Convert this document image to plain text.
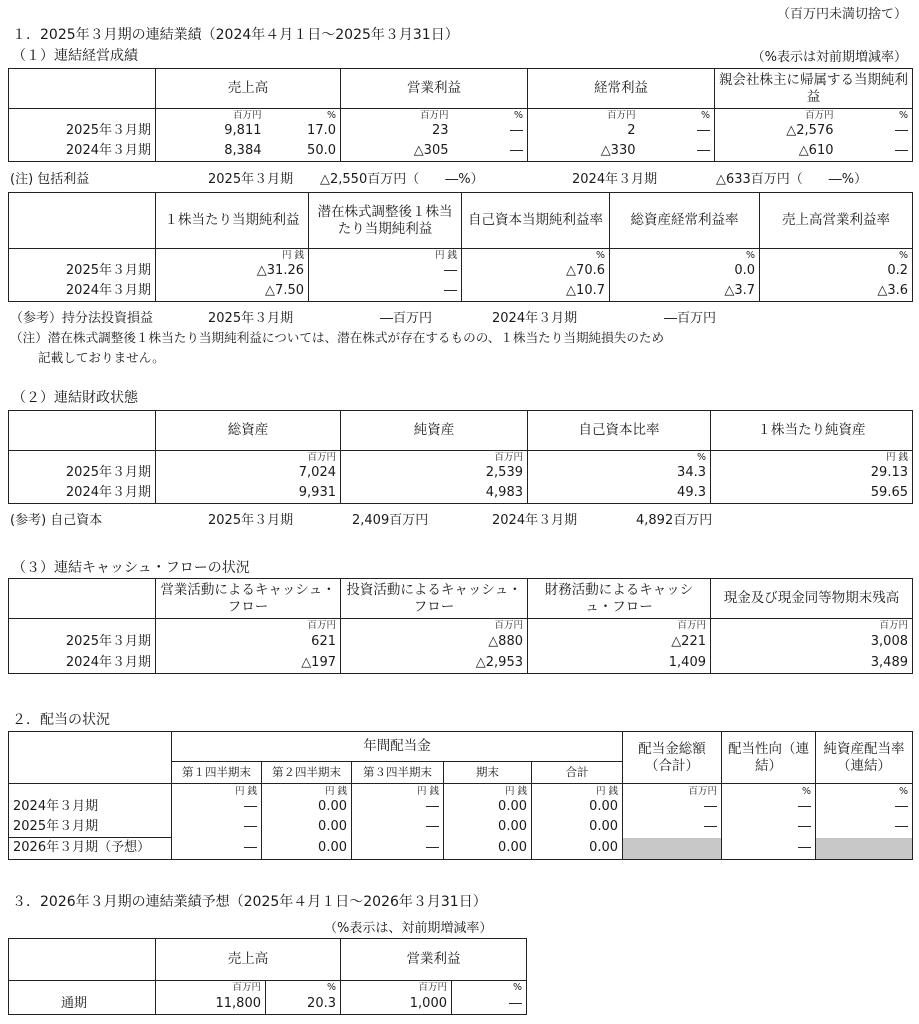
（百万円未満切捨て）
１．2025年３月期の連結業績（2024年４月１日～2025年３月31日）
（１）連結経営成績	（%表示は対前期増減率）
	売上高		営業利益		経常利益		親会社株主に帰属する当期純利益	
	百万円	%	百万円	%	百万円	%	百万円	%
2025年３月期	9,811	17.0	23	―	2	―	△2,576	―
2024年３月期	8,384	50.0	△305	―	△330	―	△610	―
(注) 包括利益	2025年３月期 △2,550百万円（　　―%）	2024年３月期	△633百万円（　　―%）
	１株当たり当期純利益	潜在株式調整後１株当たり当期純利益	自己資本当期純利益率	総資産経常利益率	売上高営業利益率
	円 銭	円 銭	%	%	%
2025年３月期	△31.26	―	△70.6	0.0	0.2
2024年３月期	△7.50	―	△10.7	△3.7	△3.6
（参考）持分法投資損益	2025年３月期	―百万円	2024年３月期	―百万円
（注）潜在株式調整後１株当たり当期純利益については、潜在株式が存在するものの、１株当たり当期純損失のため
記載しておりません。
（２）連結財政状態
	総資産	純資産	自己資本比率	１株当たり純資産
	百万円	百万円	%	円 銭
2025年３月期	7,024	2,539	34.3	29.13
2024年３月期	9,931	4,983	49.3	59.65
(参考) 自己資本	2025年３月期	2,409百万円	2024年３月期	4,892百万円
（３）連結キャッシュ・フローの状況
	営業活動によるキャッシュ・フロー	投資活動によるキャッシュ・フロー	財務活動によるキャッシュ・フロー	現金及び現金同等物期末残高
	百万円	百万円	百万円	百万円
2025年３月期	621	△880	△221	3,008
2024年３月期	△197	△2,953	1,409	3,489
２．配当の状況
	年間配当金					配当金総額（合計）	配当性向（連結）	純資産配当率（連結）
	第１四半期末	第２四半期末	第３四半期末	期末	合計			
	円 銭	円 銭	円 銭	円 銭	円 銭	百万円	%	%
2024年３月期	―	0.00	―	0.00	0.00	―	―	―
2025年３月期	―	0.00	―	0.00	0.00	―	―	―
2026年３月期（予想）	―	0.00	―	0.00	0.00		―	
３．2026年３月期の連結業績予想（2025年４月１日～2026年３月31日）
（%表示は、対前期増減率）
	売上高		営業利益	
	百万円	%	百万円	%
通期	11,800	20.3	1,000	―
